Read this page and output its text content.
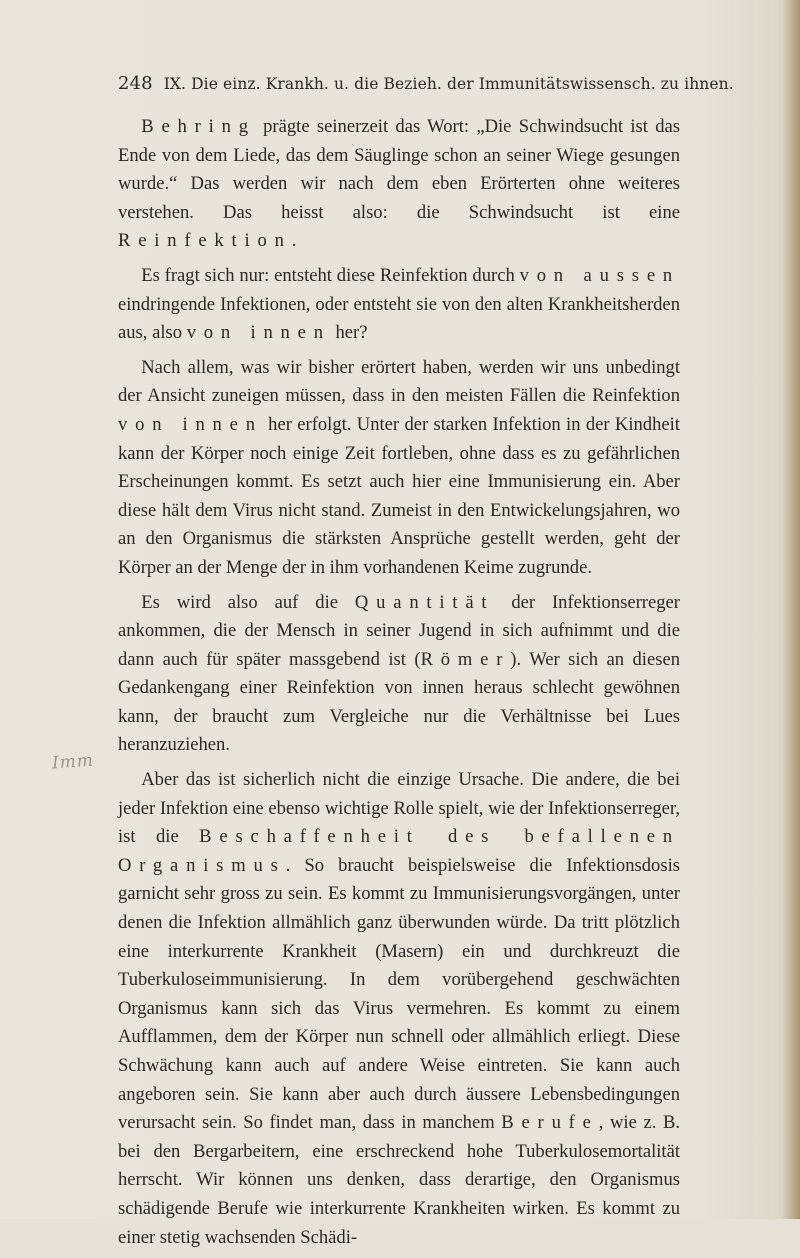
248 IX. Die einz. Krankh. u. die Bezieh. der Immunitätswissensch. zu ihnen.
Imm

Behring prägte seinerzeit das Wort: „Die Schwindsucht ist das Ende von dem Liede, das dem Säuglinge schon an seiner Wiege gesungen wurde.“ Das werden wir nach dem eben Erörterten ohne weiteres verstehen. Das heisst also: die Schwindsucht ist eine Reinfektion.

Es fragt sich nur: entsteht diese Reinfektion durch von aussen eindringende Infektionen, oder entsteht sie von den alten Krankheitsherden aus, also von innen her?

Nach allem, was wir bisher erörtert haben, werden wir uns unbedingt der Ansicht zuneigen müssen, dass in den meisten Fällen die Reinfektion von innen her erfolgt. Unter der starken Infektion in der Kindheit kann der Körper noch einige Zeit fortleben, ohne dass es zu gefährlichen Erscheinungen kommt. Es setzt auch hier eine Immunisierung ein. Aber diese hält dem Virus nicht stand. Zumeist in den Entwickelungsjahren, wo an den Organismus die stärksten Ansprüche gestellt werden, geht der Körper an der Menge der in ihm vorhandenen Keime zugrunde.

Es wird also auf die Quantität der Infektionserreger ankommen, die der Mensch in seiner Jugend in sich aufnimmt und die dann auch für später massgebend ist (Römer). Wer sich an diesen Gedankengang einer Reinfektion von innen heraus schlecht gewöhnen kann, der braucht zum Vergleiche nur die Verhältnisse bei Lues heranzuziehen.

Aber das ist sicherlich nicht die einzige Ursache. Die andere, die bei jeder Infektion eine ebenso wichtige Rolle spielt, wie der Infektionserreger, ist die Beschaffenheit des befallenen Organismus. So braucht beispielsweise die Infektionsdosis garnicht sehr gross zu sein. Es kommt zu Immunisierungsvorgängen, unter denen die Infektion allmählich ganz überwunden würde. Da tritt plötzlich eine interkurrente Krankheit (Masern) ein und durchkreuzt die Tuberkuloseimmunisierung. In dem vorübergehend geschwächten Organismus kann sich das Virus vermehren. Es kommt zu einem Aufflammen, dem der Körper nun schnell oder allmählich erliegt. Diese Schwächung kann auch auf andere Weise eintreten. Sie kann auch angeboren sein. Sie kann aber auch durch äussere Lebensbedingungen verursacht sein. So findet man, dass in manchem Berufe, wie z. B. bei den Bergarbeitern, eine erschreckend hohe Tuberkulosemortalität herrscht. Wir können uns denken, dass derartige, den Organismus schädigende Berufe wie interkurrente Krankheiten wirken. Es kommt zu einer stetig wachsenden Schädi-
